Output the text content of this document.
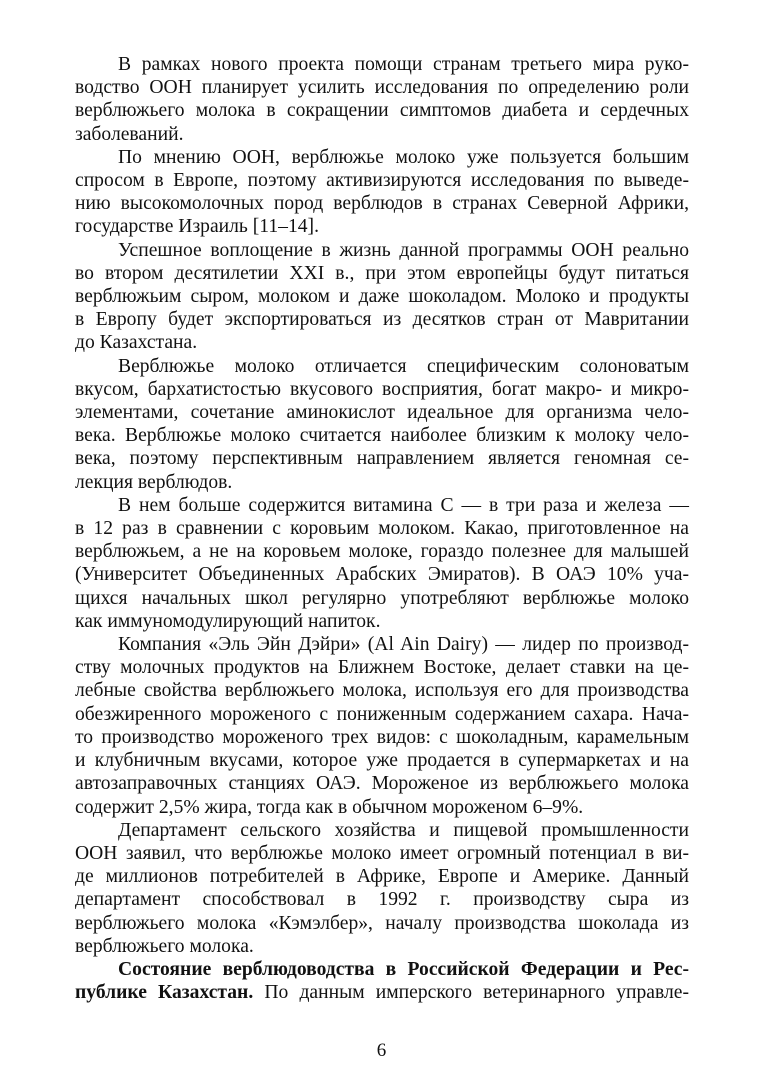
В рамках нового проекта помощи странам третьего мира руко-
водство ООН планирует усилить исследования по определению роли
верблюжьего молока в сокращении симптомов диабета и сердечных
заболеваний.

По мнению ООН, верблюжье молоко уже пользуется большим
спросом в Европе, поэтому активизируются исследования по выведе-
нию высокомолочных пород верблюдов в странах Северной Африки,
государстве Израиль [11–14].

Успешное воплощение в жизнь данной программы ООН реально
во втором десятилетии XXI в., при этом европейцы будут питаться
верблюжьим сыром, молоком и даже шоколадом. Молоко и продукты
в Европу будет экспортироваться из десятков стран от Мавритании
до Казахстана.

Верблюжье молоко отличается специфическим солоноватым
вкусом, бархатистостью вкусового восприятия, богат макро- и микро-
элементами, сочетание аминокислот идеальное для организма чело-
века. Верблюжье молоко считается наиболее близким к молоку чело-
века, поэтому перспективным направлением является геномная се-
лекция верблюдов.

В нем больше содержится витамина С — в три раза и железа —
в 12 раз в сравнении с коровьим молоком. Какао, приготовленное на
верблюжьем, а не на коровьем молоке, гораздо полезнее для малышей
(Университет Объединенных Арабских Эмиратов). В ОАЭ 10% уча-
щихся начальных школ регулярно употребляют верблюжье молоко
как иммуномодулирующий напиток.

Компания «Эль Эйн Дэйри» (Al Ain Dairy) — лидер по производ-
ству молочных продуктов на Ближнем Востоке, делает ставки на це-
лебные свойства верблюжьего молока, используя его для производства
обезжиренного мороженого с пониженным содержанием сахара. Нача-
то производство мороженого трех видов: с шоколадным, карамельным
и клубничным вкусами, которое уже продается в супермаркетах и на
автозаправочных станциях ОАЭ. Мороженое из верблюжьего молока
содержит 2,5% жира, тогда как в обычном мороженом 6–9%.

Департамент сельского хозяйства и пищевой промышленности
ООН заявил, что верблюжье молоко имеет огромный потенциал в ви-
де миллионов потребителей в Африке, Европе и Америке. Данный
департамент способствовал в 1992 г. производству сыра из
верблюжьего молока «Кэмэлбер», началу производства шоколада из
верблюжьего молока.

Состояние верблюдоводства в Российской Федерации и Рес-
публике Казахстан. По данным имперского ветеринарного управле-

6
